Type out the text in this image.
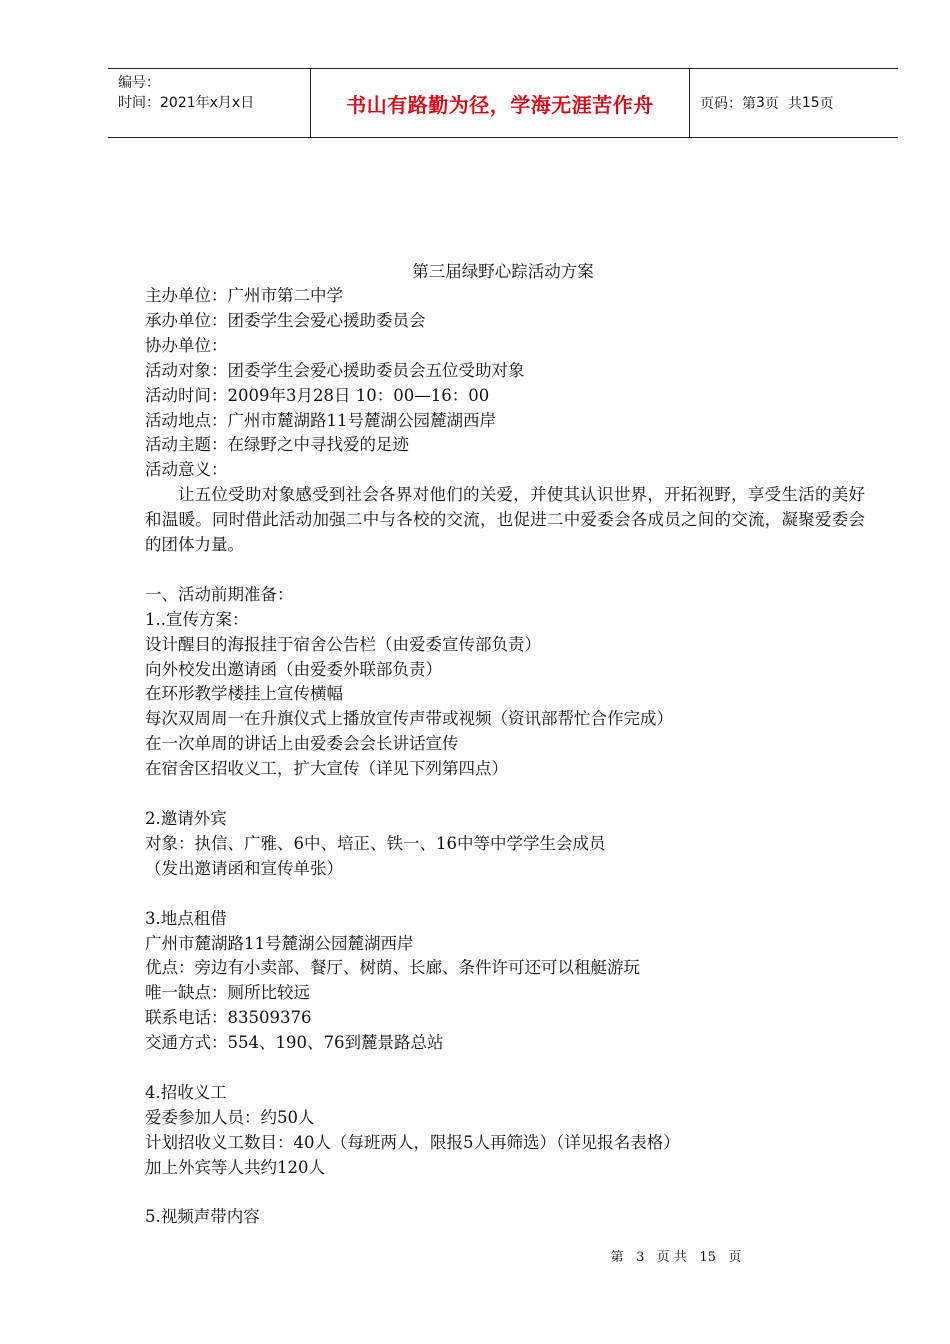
编号：
时间：2021年x月x日	书山有路勤为径，学海无涯苦作舟	页码：第 3 页  共 15 页
第三届绿野心踪活动方案

主办单位：广州市第二中学

承办单位：团委学生会爱心援助委员会

协办单位：

活动对象：团委学生会爱心援助委员会五位受助对象

活动时间：2009年3月28日 10：00—16：00

活动地点：广州市麓湖路11号麓湖公园麓湖西岸

活动主题：在绿野之中寻找爱的足迹

活动意义：

让五位受助对象感受到社会各界对他们的关爱，并使其认识世界，开拓视野，享受生活的美好和温暖。同时借此活动加强二中与各校的交流，也促进二中爱委会各成员之间的交流，凝聚爱委会的团体力量。

一、活动前期准备：

1..宣传方案：

设计醒目的海报挂于宿舍公告栏（由爱委宣传部负责）

向外校发出邀请函（由爱委外联部负责）

在环形教学楼挂上宣传横幅

每次双周周一在升旗仪式上播放宣传声带或视频（资讯部帮忙合作完成）

在一次单周的讲话上由爱委会会长讲话宣传

在宿舍区招收义工，扩大宣传（详见下列第四点）

2.邀请外宾

对象：执信、广雅、6中、培正、铁一、16中等中学学生会成员

（发出邀请函和宣传单张）

3.地点租借

广州市麓湖路11号麓湖公园麓湖西岸

优点：旁边有小卖部、餐厅、树荫、长廊、条件许可还可以租艇游玩

唯一缺点：厕所比较远

联系电话：83509376

交通方式：554、190、76到麓景路总站

4.招收义工

爱委参加人员：约50人

计划招收义工数目：40人（每班两人，限报5人再筛选）（详见报名表格）

加上外宾等人共约120人

5.视频声带内容

第 3 页 共 15 页
